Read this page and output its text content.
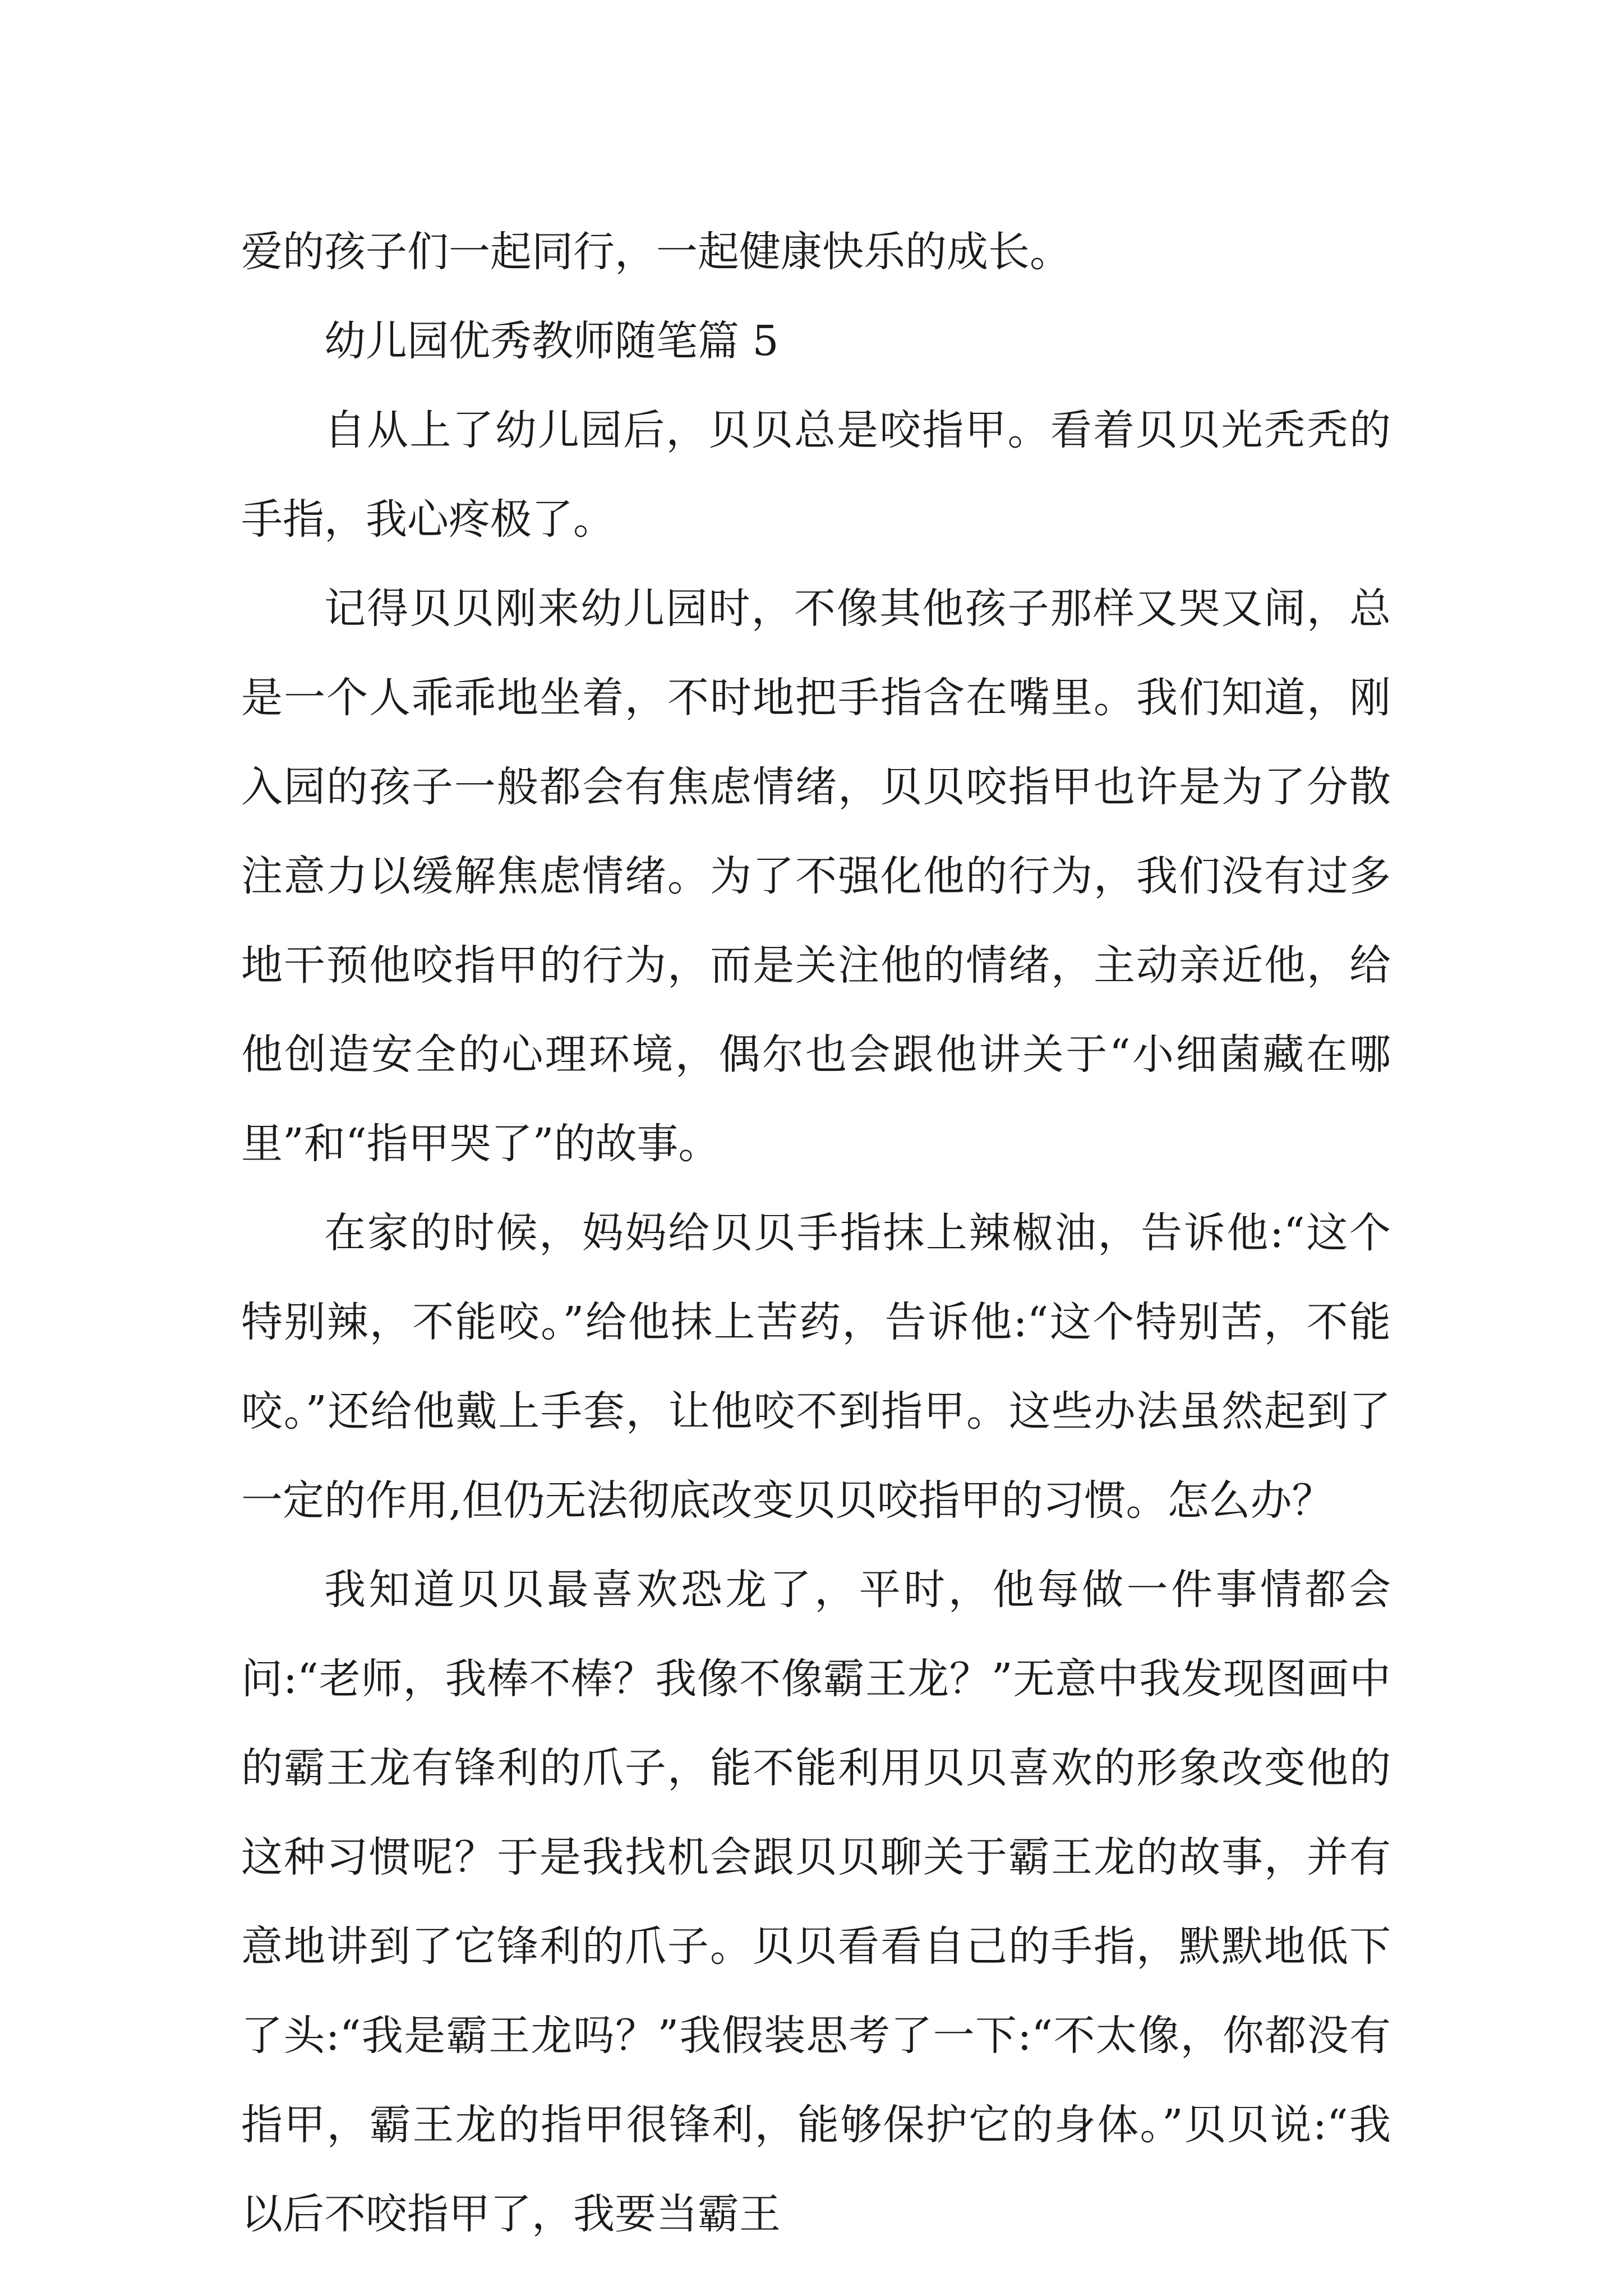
爱的孩子们一起同行，一起健康快乐的成长。

幼儿园优秀教师随笔篇 5

自从上了幼儿园后，贝贝总是咬指甲。看着贝贝光秃秃的手指，我心疼极了。

记得贝贝刚来幼儿园时，不像其他孩子那样又哭又闹，总是一个人乖乖地坐着，不时地把手指含在嘴里。我们知道，刚入园的孩子一般都会有焦虑情绪，贝贝咬指甲也许是为了分散注意力以缓解焦虑情绪。为了不强化他的行为，我们没有过多地干预他咬指甲的行为，而是关注他的情绪，主动亲近他，给他创造安全的心理环境，偶尔也会跟他讲关于“小细菌藏在哪里”和“指甲哭了”的故事。

在家的时候，妈妈给贝贝手指抹上辣椒油，告诉他:“这个特别辣，不能咬。”给他抹上苦药，告诉他:“这个特别苦，不能咬。”还给他戴上手套，让他咬不到指甲。这些办法虽然起到了一定的作用,但仍无法彻底改变贝贝咬指甲的习惯。怎么办？

我知道贝贝最喜欢恐龙了，平时，他每做一件事情都会问:“老师，我棒不棒？我像不像霸王龙？”无意中我发现图画中的霸王龙有锋利的爪子，能不能利用贝贝喜欢的形象改变他的这种习惯呢？于是我找机会跟贝贝聊关于霸王龙的故事，并有意地讲到了它锋利的爪子。贝贝看看自己的手指，默默地低下了头:“我是霸王龙吗？”我假装思考了一下:“不太像，你都没有指甲，霸王龙的指甲很锋利，能够保护它的身体。”贝贝说:“我以后不咬指甲了，我要当霸王
